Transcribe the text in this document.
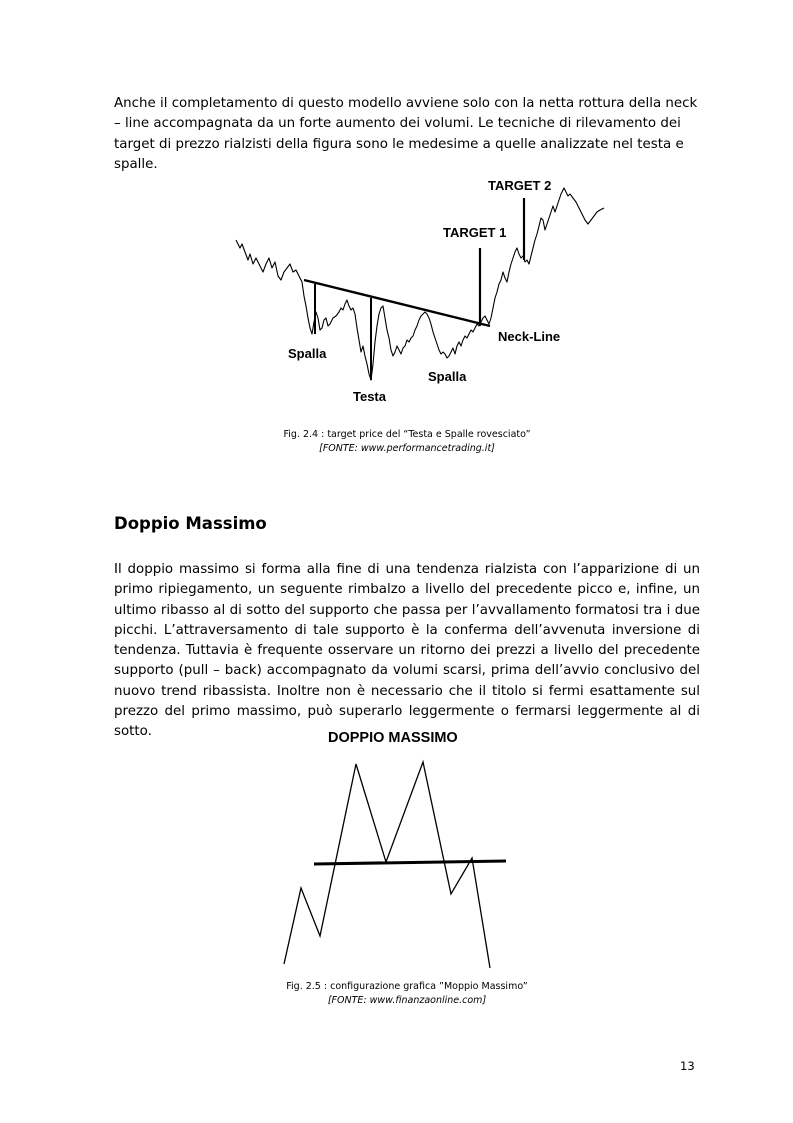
Anche il completamento di questo modello avviene solo con la netta rottura della neck – line accompagnata da un forte aumento dei volumi. Le tecniche di rilevamento dei target di prezzo rialzisti della figura sono le medesime a quelle analizzate nel testa e spalle.

TARGET 2
TARGET 1
Neck-Line
Spalla
Testa
Spalla
Fig. 2.4 : target price del “Testa e Spalle rovesciato”
[FONTE: www.performancetrading.it]
Doppio Massimo

Il doppio massimo si forma alla fine di una tendenza rialzista con l’apparizione di un primo ripiegamento, un seguente rimbalzo a livello del precedente picco e, infine, un ultimo ribasso al di sotto del supporto che passa per l’avvallamento formatosi tra i due picchi. L’attraversamento di tale supporto è la conferma dell’avvenuta inversione di tendenza. Tuttavia è frequente osservare un ritorno dei prezzi a livello del precedente supporto (pull – back) accompagnato da volumi scarsi, prima dell’avvio conclusivo del nuovo trend ribassista. Inoltre non è necessario che il titolo si fermi esattamente sul prezzo del primo massimo, può superarlo leggermente o fermarsi leggermente al di sotto.	DOPPIO MASSIMO
Fig. 2.5 : configurazione grafica ”Moppio Massimo”
[FONTE: www.finanzaonline.com]
13
